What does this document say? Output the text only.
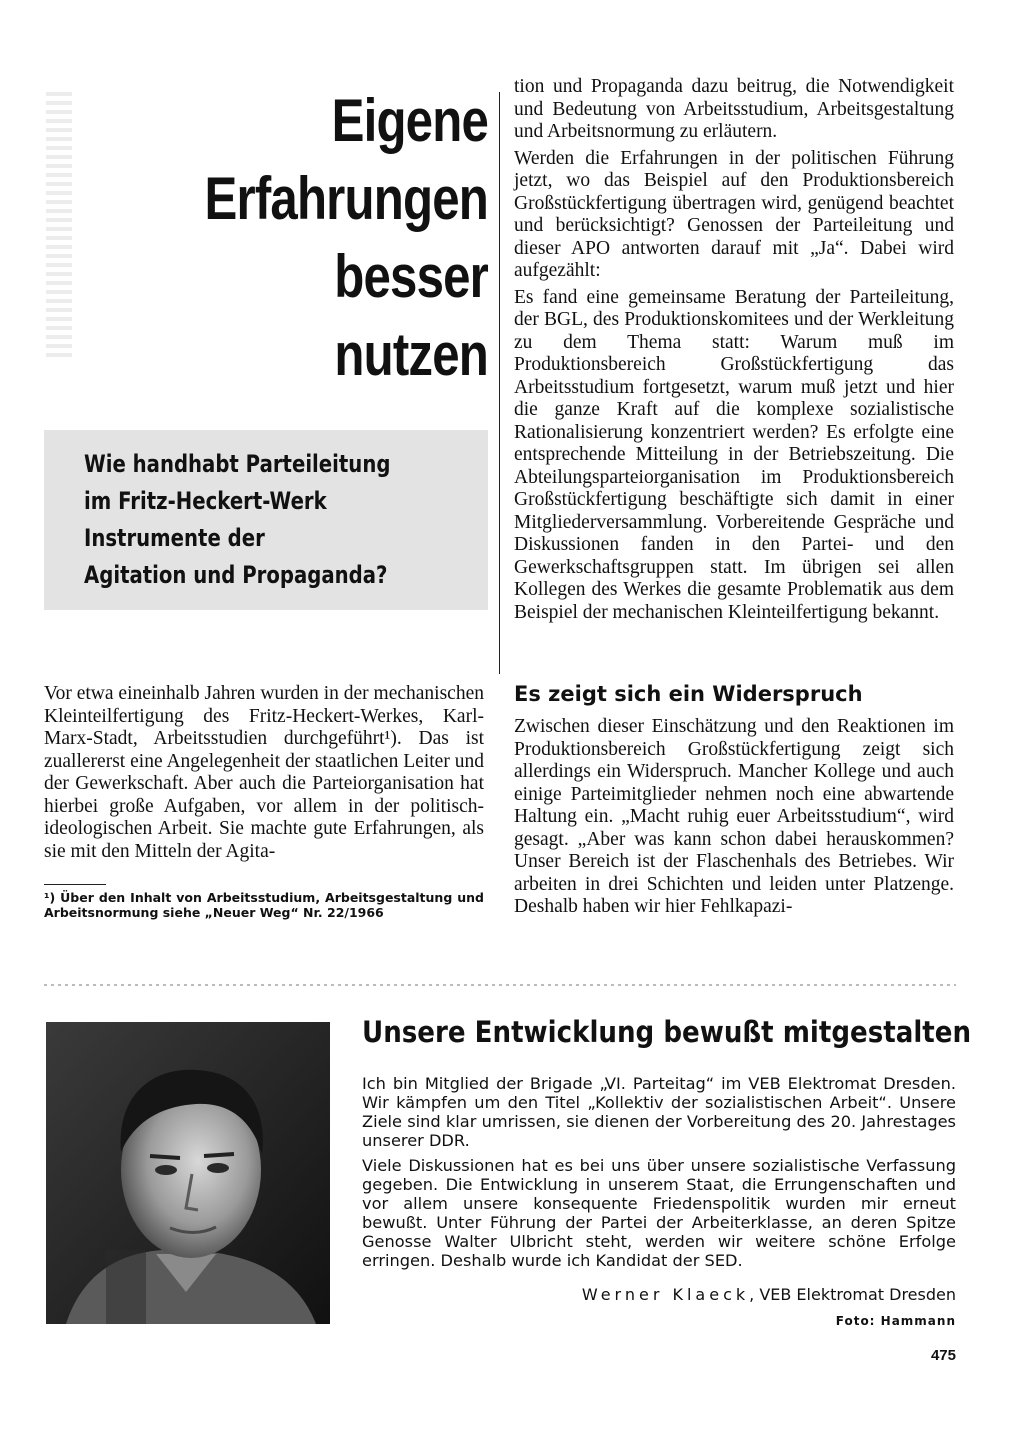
Eigene
Erfahrungen
besser
nutzen
Wie handhabt Parteileitung
im Fritz-Heckert-Werk
Instrumente der
Agitation und Propaganda?

Vor etwa eineinhalb Jahren wurden in der mechanischen Kleinteilfertigung des Fritz-Heckert-Werkes, Karl-Marx-Stadt, Arbeitsstudien durchgeführt¹). Das ist zuallererst eine Angelegenheit der staatlichen Leiter und der Gewerkschaft. Aber auch die Parteiorganisation hat hierbei große Aufgaben, vor allem in der politisch-ideologischen Arbeit. Sie machte gute Erfahrungen, als sie mit den Mitteln der Agita-

¹) Über den Inhalt von Arbeitsstudium, Arbeitsgestaltung und Arbeitsnormung siehe „Neuer Weg“ Nr. 22/1966

tion und Propaganda dazu beitrug, die Notwendigkeit und Bedeutung von Arbeitsstudium, Arbeitsgestaltung und Arbeitsnormung zu erläutern.

Werden die Erfahrungen in der politischen Führung jetzt, wo das Beispiel auf den Produktionsbereich Großstückfertigung übertragen wird, genügend beachtet und berücksichtigt? Genossen der Parteileitung und dieser APO antworten darauf mit „Ja“. Dabei wird aufgezählt:

Es fand eine gemeinsame Beratung der Parteileitung, der BGL, des Produktionskomitees und der Werkleitung zu dem Thema statt: Warum muß im Produktionsbereich Großstückfertigung das Arbeitsstudium fortgesetzt, warum muß jetzt und hier die ganze Kraft auf die komplexe sozialistische Rationalisierung konzentriert werden? Es erfolgte eine entsprechende Mitteilung in der Betriebszeitung. Die Abteilungsparteiorganisation im Produktionsbereich Großstückfertigung beschäftigte sich damit in einer Mitgliederversammlung. Vorbereitende Gespräche und Diskussionen fanden in den Partei- und den Gewerkschaftsgruppen statt. Im übrigen sei allen Kollegen des Werkes die gesamte Problematik aus dem Beispiel der mechanischen Kleinteilfertigung bekannt.

Es zeigt sich ein Widerspruch

Zwischen dieser Einschätzung und den Reaktionen im Produktionsbereich Großstückfertigung zeigt sich allerdings ein Widerspruch. Mancher Kollege und auch einige Parteimitglieder nehmen noch eine abwartende Haltung ein. „Macht ruhig euer Arbeitsstudium“, wird gesagt. „Aber was kann schon dabei herauskommen? Unser Bereich ist der Flaschenhals des Betriebes. Wir arbeiten in drei Schichten und leiden unter Platzenge. Deshalb haben wir hier Fehlkapazi-

Unsere Entwicklung bewußt mitgestalten

Ich bin Mitglied der Brigade „VI. Parteitag“ im VEB Elektromat Dresden. Wir kämpfen um den Titel „Kollektiv der sozialistischen Arbeit“. Unsere Ziele sind klar umrissen, sie dienen der Vorbereitung des 20. Jahrestages unserer DDR.

Viele Diskussionen hat es bei uns über unsere sozialistische Verfassung gegeben. Die Entwicklung in unserem Staat, die Errungenschaften und vor allem unsere konsequente Friedenspolitik wurden mir erneut bewußt. Unter Führung der Partei der Arbeiterklasse, an deren Spitze Genosse Walter Ulbricht steht, werden wir weitere schöne Erfolge erringen. Deshalb wurde ich Kandidat der SED.

Werner Klaeck, VEB Elektromat Dresden
Foto: Hammann
475
